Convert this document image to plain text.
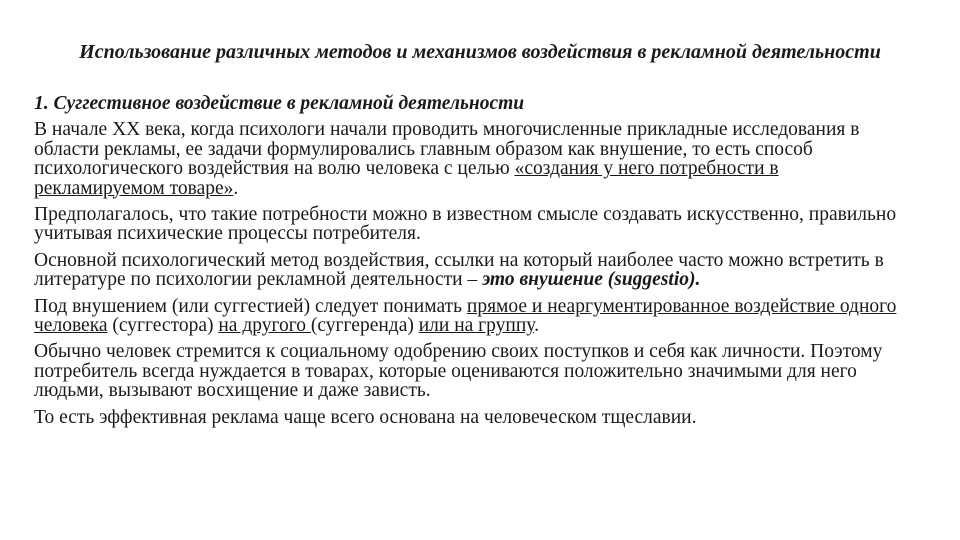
Использование различных методов и механизмов воздействия в рекламной деятельности

1. Суггестивное воздействие в рекламной деятельности

В начале XX века, когда психологи начали проводить многочисленные прикладные исследования в области рекламы, ее задачи формулировались главным образом как внушение, то есть способ психологического воздействия на волю человека с целью «создания у него потребности в рекламируемом товаре».

Предполагалось, что такие потребности можно в известном смысле создавать искусственно, правильно учитывая психические процессы потребителя.

Основной психологический метод воздействия, ссылки на который наиболее часто можно встретить в литературе по психологии рекламной деятельности – это внушение (suggestio).

Под внушением (или суггестией) следует понимать прямое и неаргументированное воздействие одного человека (суггестора) на другого (суггеренда) или на группу.

Обычно человек стремится к социальному одобрению своих поступков и себя как личности. Поэтому потребитель всегда нуждается в товарах, которые оцениваются положительно значимыми для него людьми, вызывают восхищение и даже зависть.

То есть эффективная реклама чаще всего основана на человеческом тщеславии.
